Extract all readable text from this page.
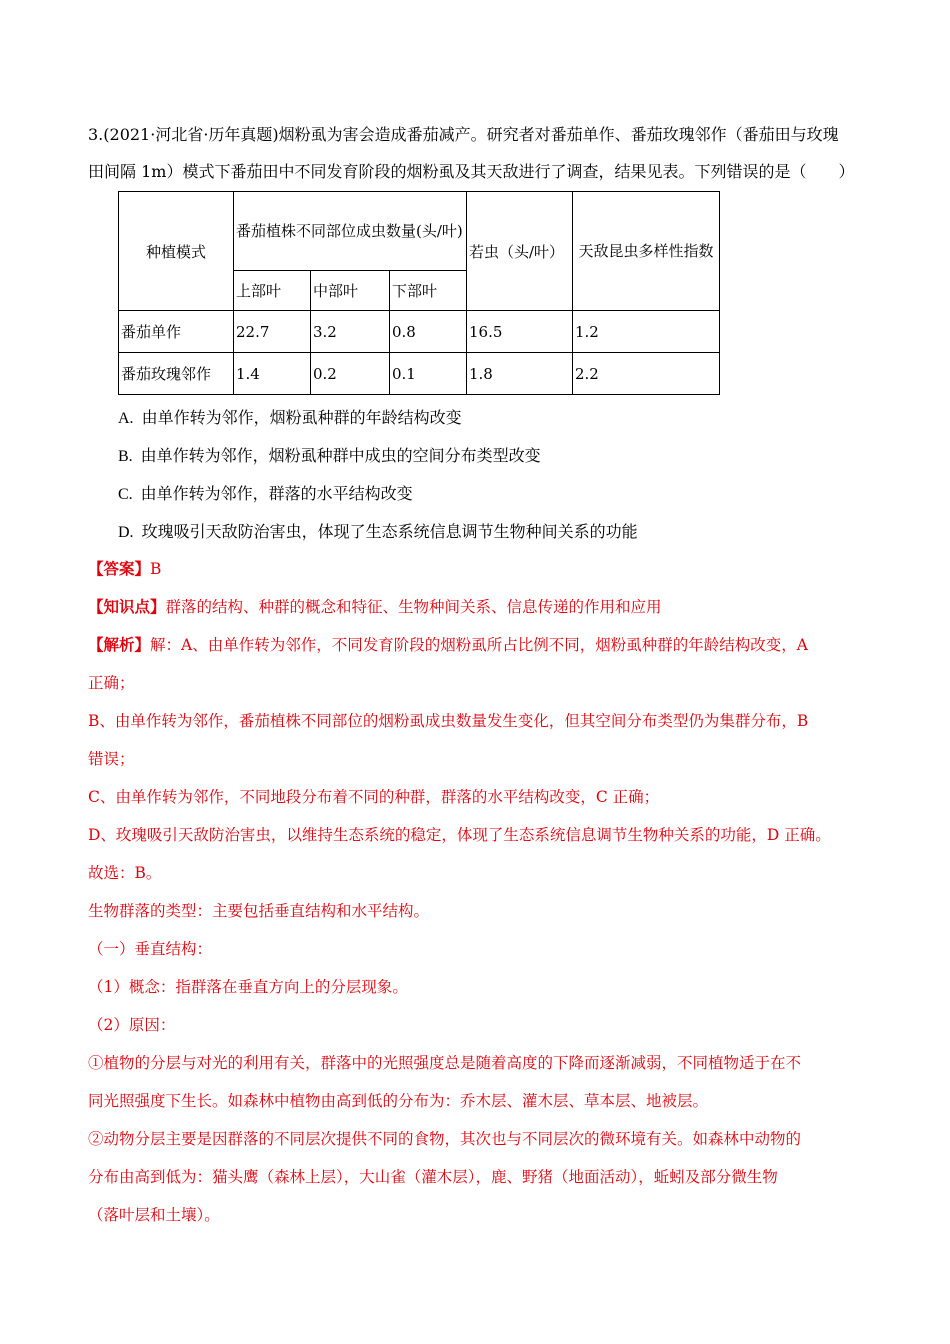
3.(2021·河北省·历年真题)烟粉虱为害会造成番茄减产。研究者对番茄单作、番茄玫瑰邻作（番茄田与玫瑰
田间隔 1m）模式下番茄田中不同发育阶段的烟粉虱及其天敌进行了调查，结果见表。下列错误的是（　　）
种植模式	番茄植株不同部位成虫数量(头/叶)			若虫（头/叶）	天敌昆虫多样性指数
	上部叶	中部叶	下部叶		
番茄单作	22.7	3.2	0.8	16.5	1.2
番茄玫瑰邻作	1.4	0.2	0.1	1.8	2.2
A. 由单作转为邻作，烟粉虱种群的年龄结构改变
B. 由单作转为邻作，烟粉虱种群中成虫的空间分布类型改变
C. 由单作转为邻作，群落的水平结构改变
D. 玫瑰吸引天敌防治害虫，体现了生态系统信息调节生物种间关系的功能
【答案】B
【知识点】群落的结构、种群的概念和特征、生物种间关系、信息传递的作用和应用
【解析】解：A、由单作转为邻作，不同发育阶段的烟粉虱所占比例不同，烟粉虱种群的年龄结构改变，A
正确；
B、由单作转为邻作，番茄植株不同部位的烟粉虱成虫数量发生变化，但其空间分布类型仍为集群分布，B
错误；
C、由单作转为邻作，不同地段分布着不同的种群，群落的水平结构改变，C 正确；
D、玫瑰吸引天敌防治害虫，以维持生态系统的稳定，体现了生态系统信息调节生物种关系的功能，D 正确。
故选：B。
生物群落的类型：主要包括垂直结构和水平结构。
（一）垂直结构：
（1）概念：指群落在垂直方向上的分层现象。
（2）原因：
①植物的分层与对光的利用有关，群落中的光照强度总是随着高度的下降而逐渐减弱，不同植物适于在不
同光照强度下生长。如森林中植物由高到低的分布为：乔木层、灌木层、草本层、地被层。
②动物分层主要是因群落的不同层次提供不同的食物，其次也与不同层次的微环境有关。如森林中动物的
分布由高到低为：猫头鹰（森林上层），大山雀（灌木层），鹿、野猪（地面活动），蚯蚓及部分微生物
（落叶层和土壤）。
